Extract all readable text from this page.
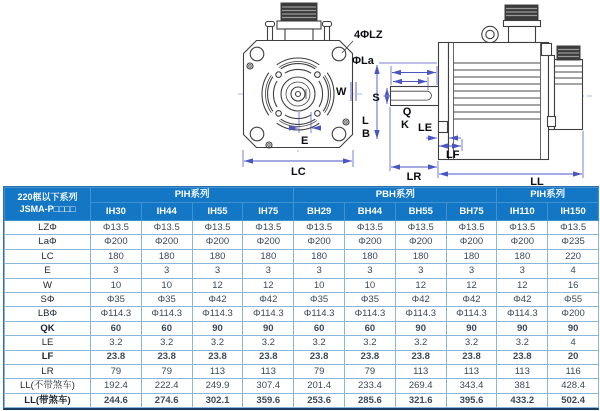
W
E
LC
4ΦLZ
ΦLa
L
B
S
Q
K LE
LF
LR	LL
220框以下系列
JSMA-P□□□□	PIH系列				PBH系列				PIH系列	
	IH30	IH44	IH55	IH75	BH29	BH44	BH55	BH75	IH110	IH150
LZΦ	Φ13.5	Φ13.5	Φ13.5	Φ13.5	Φ13.5	Φ13.5	Φ13.5	Φ13.5	Φ13.5	Φ13.5
LaΦ	Φ200	Φ200	Φ200	Φ200	Φ200	Φ200	Φ200	Φ200	Φ200	Φ235
LC	180	180	180	180	180	180	180	180	180	220
E	3	3	3	3	3	3	3	3	3	4
W	10	10	12	12	10	10	12	12	12	16
SΦ	Φ35	Φ35	Φ42	Φ42	Φ35	Φ35	Φ42	Φ42	Φ42	Φ55
LBΦ	Φ114.3	Φ114.3	Φ114.3	Φ114.3	Φ114.3	Φ114.3	Φ114.3	Φ114.3	Φ114.3	Φ200
QK	60	60	90	90	60	60	90	90	90	90
LE	3.2	3.2	3.2	3.2	3.2	3.2	3.2	3.2	3.2	4
LF	23.8	23.8	23.8	23.8	23.8	23.8	23.8	23.8	23.8	20
LR	79	79	113	113	79	79	113	113	113	116
LL(不带煞车)	192.4	222.4	249.9	307.4	201.4	233.4	269.4	343.4	381	428.4
LL(带煞车)	244.6	274.6	302.1	359.6	253.6	285.6	321.6	395.6	433.2	502.4
